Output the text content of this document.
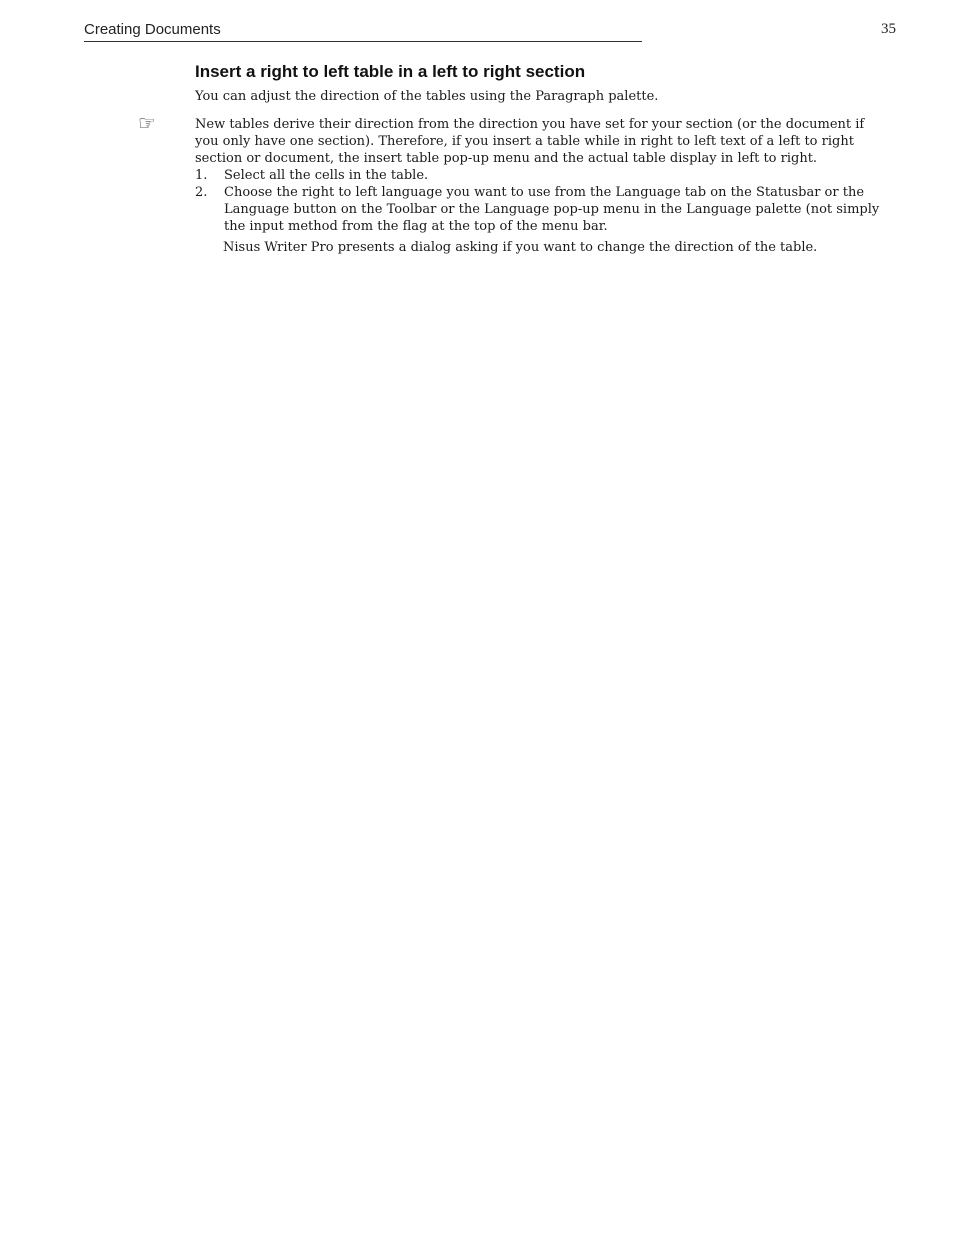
Creating Documents	35
Insert a right to left table in a left to right section
You can adjust the direction of the tables using the Paragraph palette.
☞	New tables derive their direction from the direction you have set for your section (or the document if you only have one section). Therefore, if you insert a table while in right to left text of a left to right section or document, the insert table pop-up menu and the actual table display in left to right.
1.	Select all the cells in the table.
2.	Choose the right to left language you want to use from the Language tab on the Statusbar or the Language button on the Toolbar or the Language pop-up menu in the Language palette (not simply the input method from the flag at the top of the menu bar.
Nisus Writer Pro presents a dialog asking if you want to change the direction of the table.
